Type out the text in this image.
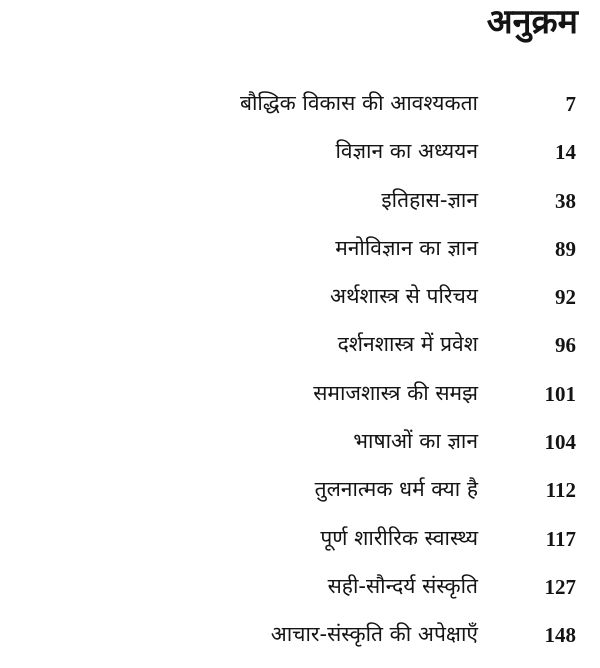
अनुक्रम
बौद्धिक विकास की आवश्यकता	7
विज्ञान का अध्ययन	14
इतिहास-ज्ञान	38
मनोविज्ञान का ज्ञान	89
अर्थशास्त्र से परिचय	92
दर्शनशास्त्र में प्रवेश	96
समाजशास्त्र की समझ	101
भाषाओं का ज्ञान	104
तुलनात्मक धर्म क्या है	112
पूर्ण शारीरिक स्वास्थ्य	117
सही-सौन्दर्य संस्कृति	127
आचार-संस्कृति की अपेक्षाएँ	148
